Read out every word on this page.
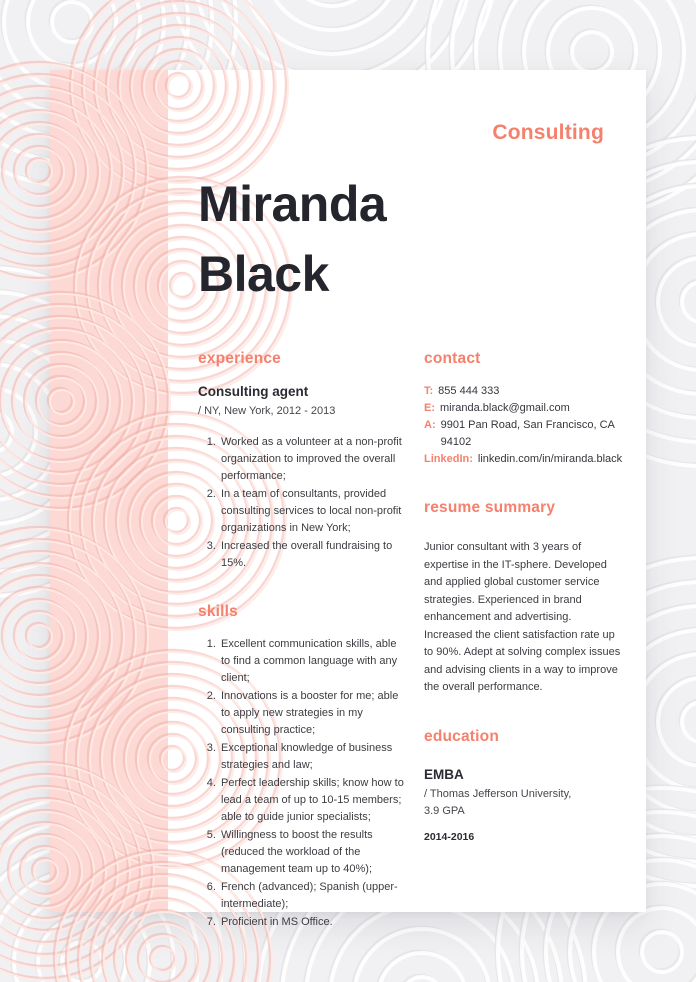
Consulting
Miranda
Black
experience
Consulting agent
/ NY, New York, 2012 - 2013
1. Worked as a volunteer at a non-profit organization to improved the overall performance;
2. In a team of consultants, provided consulting services to local non-profit organizations in New York;
3. Increased the overall fundraising to 15%.
skills
1. Excellent communication skills, able to find a common language with any client;
2. Innovations is a booster for me; able to apply new strategies in my consulting practice;
3. Exceptional knowledge of business strategies and law;
4. Perfect leadership skills; know how to lead a team of up to 10-15 members; able to guide junior specialists;
5. Willingness to boost the results (reduced the workload of the management team up to 40%);
6. French (advanced); Spanish (upper-intermediate);
7. Proficient in MS Office.
contact
T: 855 444 333
E: miranda.black@gmail.com
A: 9901 Pan Road, San Francisco, CA 94102
LinkedIn: linkedin.com/in/miranda.black
resume summary

Junior consultant with 3 years of expertise in the IT-sphere. Developed and applied global customer service strategies. Experienced in brand enhancement and advertising. Increased the client satisfaction rate up to 90%. Adept at solving complex issues and advising clients in a way to improve the overall performance.

education
EMBA
/ Thomas Jefferson University,
3.9 GPA
2014-2016
